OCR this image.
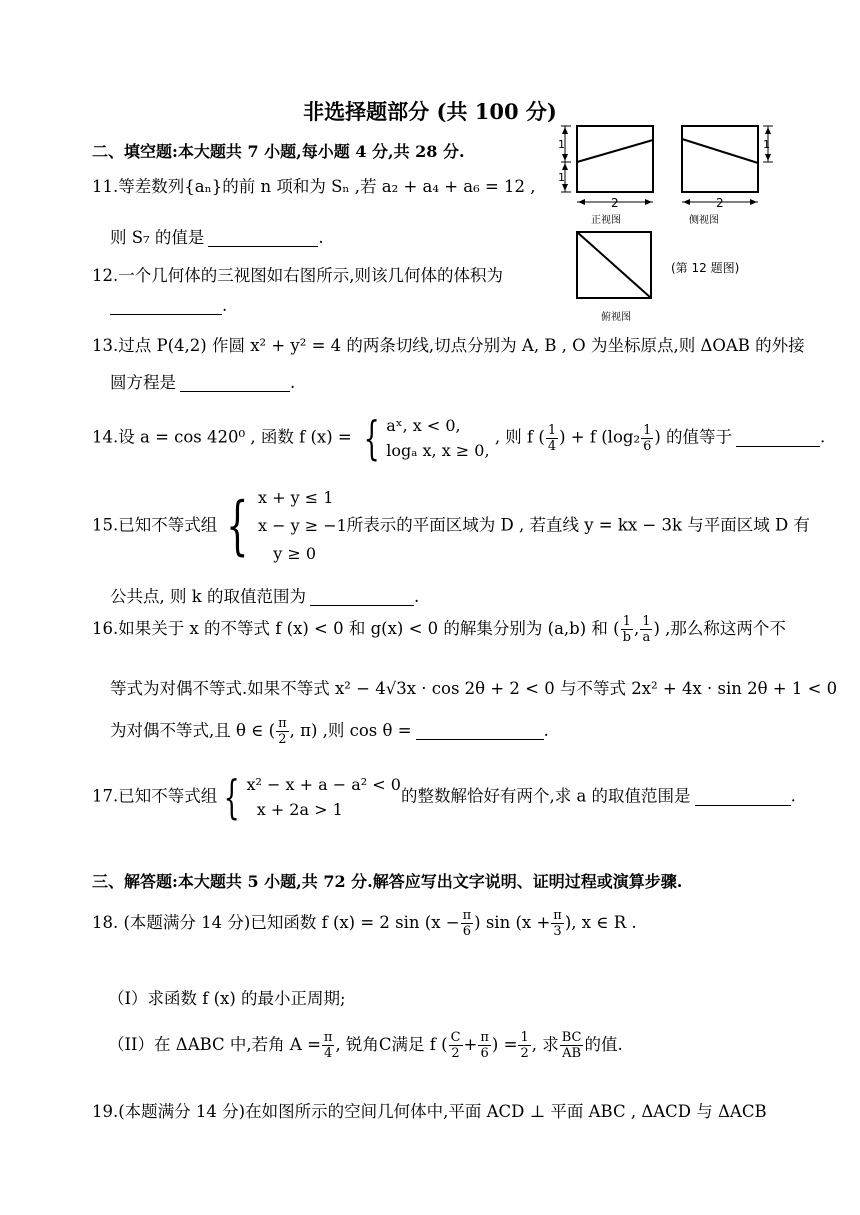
非选择题部分 (共 100 分)
二、填空题:本大题共 7 小题,每小题 4 分,共 28 分.	1
1
2
正视图
1
2
侧视图
俯视图
(第 12 题图)
11.等差数列{aₙ}的前 n 项和为 Sₙ ,若 a₂ + a₄ + a₆ = 12 ,
则 S₇ 的值是	.
12.一个几何体的三视图如右图所示,则该几何体的体积为
.
13.过点 P(4,2) 作圆 x² + y² = 4 的两条切线,切点分别为 A, B , O 为坐标原点,则 ΔOAB 的外接
圆方程是	.
14.设 a = cos 420⁰ , 函数 f (x) = { aˣ, x < 0,
logₐ x, x ≥ 0, , 则 f ( $\frac{1}{4}$ ) + f ($\log_2 \frac{1}{6}$ ) 的值等于	.
15.已知不等式组 { x + y ≤ 1
x − y ≥ −1
y ≥ 0所表示的平面区域为 D , 若直线 y = kx − 3k 与平面区域 D 有
公共点, 则 k 的取值范围为	.
16.如果关于 x 的不等式 f (x) < 0 和 g(x) < 0 的解集分别为 (a,b) 和 ( $\frac{1}{b}$ , $\frac{1}{a}$ ) ,那么称这两个不
等式为对偶不等式.如果不等式 x² − 4√3x · cos 2θ + 2 < 0 与不等式 2x² + 4x · sin 2θ + 1 < 0
为对偶不等式,且 θ ∈ ( $\frac{\pi}{2}$ , π) ,则 cos θ =	.
17.已知不等式组 { x² − x + a − a² < 0
x + 2a > 1的整数解恰好有两个,求 a 的取值范围是	.
三、解答题:本大题共 5 小题,共 72 分.解答应写出文字说明、证明过程或演算步骤.
18. (本题满分 14 分)已知函数 f (x) = 2 $\sin (x - \frac{\pi}{6}$ ) $\sin (x + \frac{\pi}{3}$ ), x ∈ R .
（I）求函数 f (x) 的最小正周期;
（II）在 ΔABC 中,若角 $A = \frac{\pi}{4}$ , 锐角C满足 f ( $\frac{C}{2} + \frac{\pi}{6}$ ) = $\frac{1}{2}$ , 求 $\frac{BC}{AB}$ 的值.
19.(本题满分 14 分)在如图所示的空间几何体中,平面 ACD ⊥ 平面 ABC , ΔACD 与 ΔACB
